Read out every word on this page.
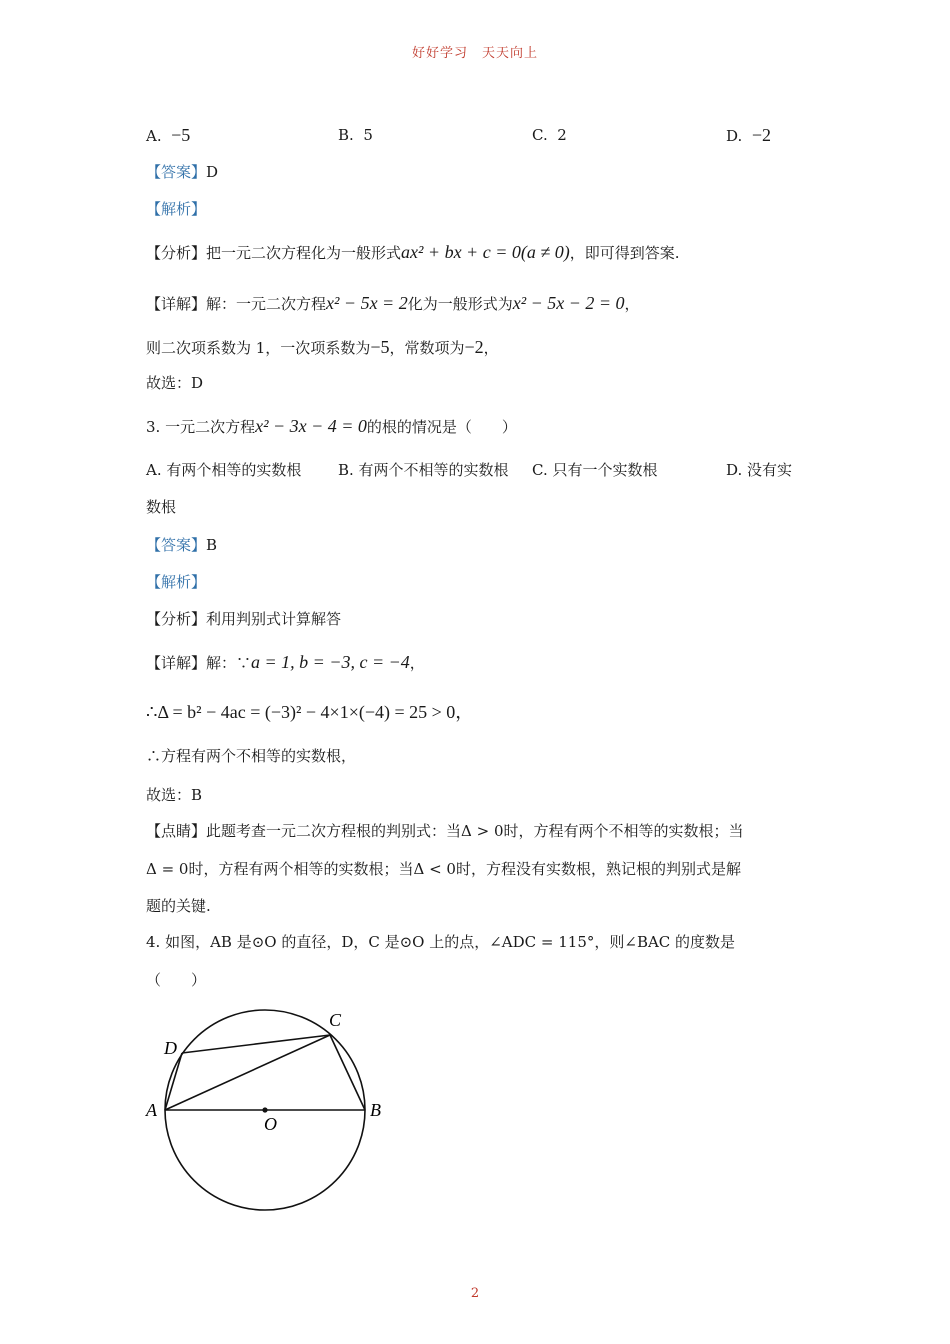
好好学习　天天向上
A. −5	B. 5	C. 2	D. −2
【答案】D
【解析】
【分析】把一元二次方程化为一般形式ax² + bx + c = 0(a ≠ 0)，即可得到答案.
【详解】解：一元二次方程x² − 5x = 2化为一般形式为x² − 5x − 2 = 0，
则二次项系数为 1，一次项系数为−5，常数项为−2，
故选：D
3. 一元二次方程x² − 3x − 4 = 0的根的情况是（　　）
A. 有两个相等的实数根 B. 有两个不相等的实数根 C. 只有一个实数根	D. 没有实
数根
【答案】B
【解析】
【分析】利用判别式计算解答
【详解】解：∵a = 1, b = −3, c = −4，
∴Δ = b² − 4ac = (−3)² − 4×1×(−4) = 25 > 0，
∴方程有两个不相等的实数根，
故选：B
【点睛】此题考查一元二次方程根的判别式：当Δ > 0时，方程有两个不相等的实数根；当
Δ = 0时，方程有两个相等的实数根；当Δ < 0时，方程没有实数根，熟记根的判别式是解
题的关键.
4. 如图，AB 是⊙O 的直径，D，C 是⊙O 上的点，∠ADC = 115°，则∠BAC 的度数是
（　　）
A	B
C
D
O
2
